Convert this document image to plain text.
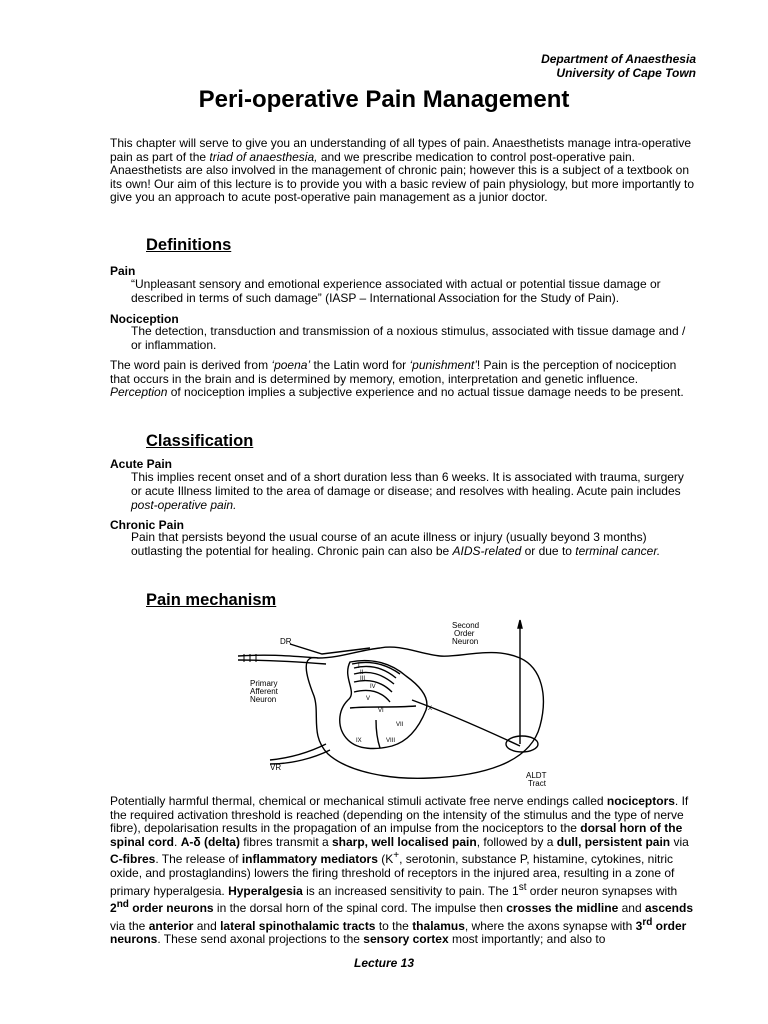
Department of Anaesthesia
University of Cape Town
Peri-operative Pain Management
This chapter will serve to give you an understanding of all types of pain. Anaesthetists manage intra-operative pain as part of the triad of anaesthesia, and we prescribe medication to control post-operative pain. Anaesthetists are also involved in the management of chronic pain; however this is a subject of a textbook on its own! Our aim of this lecture is to provide you with a basic review of pain physiology, but more importantly to give you an approach to acute post-operative pain management as a junior doctor.
Definitions
Pain
“Unpleasant sensory and emotional experience associated with actual or potential tissue damage or described in terms of such damage” (IASP – International Association for the Study of Pain).
Nociception
The detection, transduction and transmission of a noxious stimulus, associated with tissue damage and / or inflammation.
The word pain is derived from ‘poena’ the Latin word for ‘punishment’! Pain is the perception of nociception that occurs in the brain and is determined by memory, emotion, interpretation and genetic influence. Perception of nociception implies a subjective experience and no actual tissue damage needs to be present.
Classification
Acute Pain
This implies recent onset and of a short duration less than 6 weeks. It is associated with trauma, surgery or acute Illness limited to the area of damage or disease; and resolves with healing. Acute pain includes post-operative pain.
Chronic Pain
Pain that persists beyond the usual course of an acute illness or injury (usually beyond 3 months) outlasting the potential for healing. Chronic pain can also be AIDS-related or due to terminal cancer.
Pain mechanism
DR
Primary
Afferent
Neuron
Second
Order
Neuron
VR
ALDT
Tract
I
II
III
IV
V
VI
VII
VIII
IX
X
Potentially harmful thermal, chemical or mechanical stimuli activate free nerve endings called nociceptors. If the required activation threshold is reached (depending on the intensity of the stimulus and the type of nerve fibre), depolarisation results in the propagation of an impulse from the nociceptors to the dorsal horn of the spinal cord. A-δ (delta) fibres transmit a sharp, well localised pain, followed by a dull, persistent pain via C-fibres. The release of inflammatory mediators (K+, serotonin, substance P, histamine, cytokines, nitric oxide, and prostaglandins) lowers the firing threshold of receptors in the injured area, resulting in a zone of primary hyperalgesia. Hyperalgesia is an increased sensitivity to pain. The 1st order neuron synapses with 2nd order neurons in the dorsal horn of the spinal cord. The impulse then crosses the midline and ascends via the anterior and lateral spinothalamic tracts to the thalamus, where the axons synapse with 3rd order neurons. These send axonal projections to the sensory cortex most importantly; and also to
Lecture 13
